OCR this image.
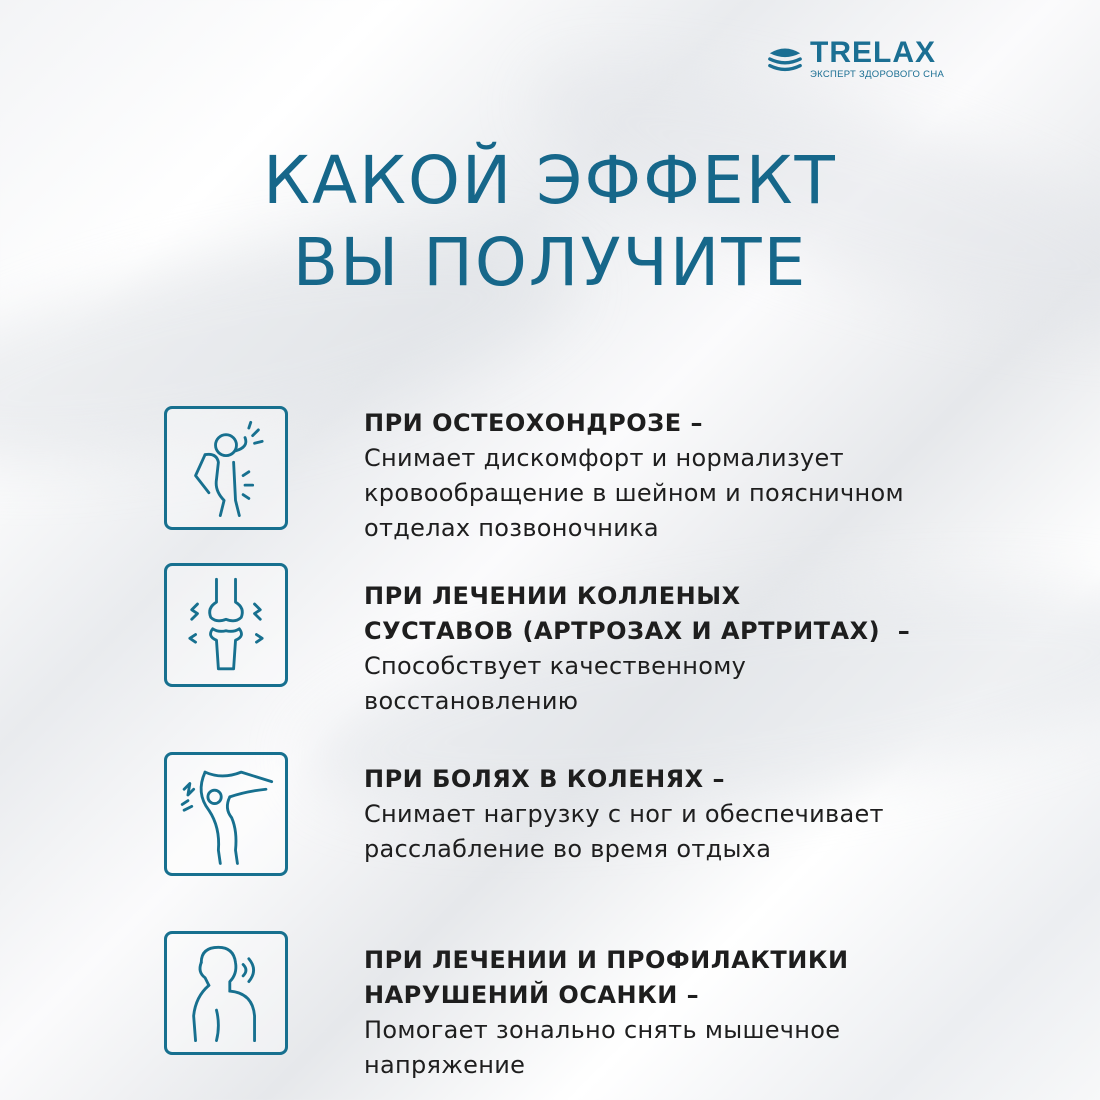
TRELAX
ЭКСПЕРТ ЗДОРОВОГО СНА
КАКОЙ ЭФФЕКТ
ВЫ ПОЛУЧИТЕ
ПРИ ОСТЕОХОНДРОЗЕ –
Снимает дискомфорт и нормализует
кровообращение в шейном и поясничном
отделах позвоночника
ПРИ ЛЕЧЕНИИ КОЛЛЕНЫХ
СУСТАВОВ (АРТРОЗАХ И АРТРИТАХ)  –
Способствует качественному
восстановлению
ПРИ БОЛЯХ В КОЛЕНЯХ –
Снимает нагрузку с ног и обеспечивает
расслабление во время отдыха
ПРИ ЛЕЧЕНИИ И ПРОФИЛАКТИКИ
НАРУШЕНИЙ ОСАНКИ –
Помогает зонально снять мышечное
напряжение
